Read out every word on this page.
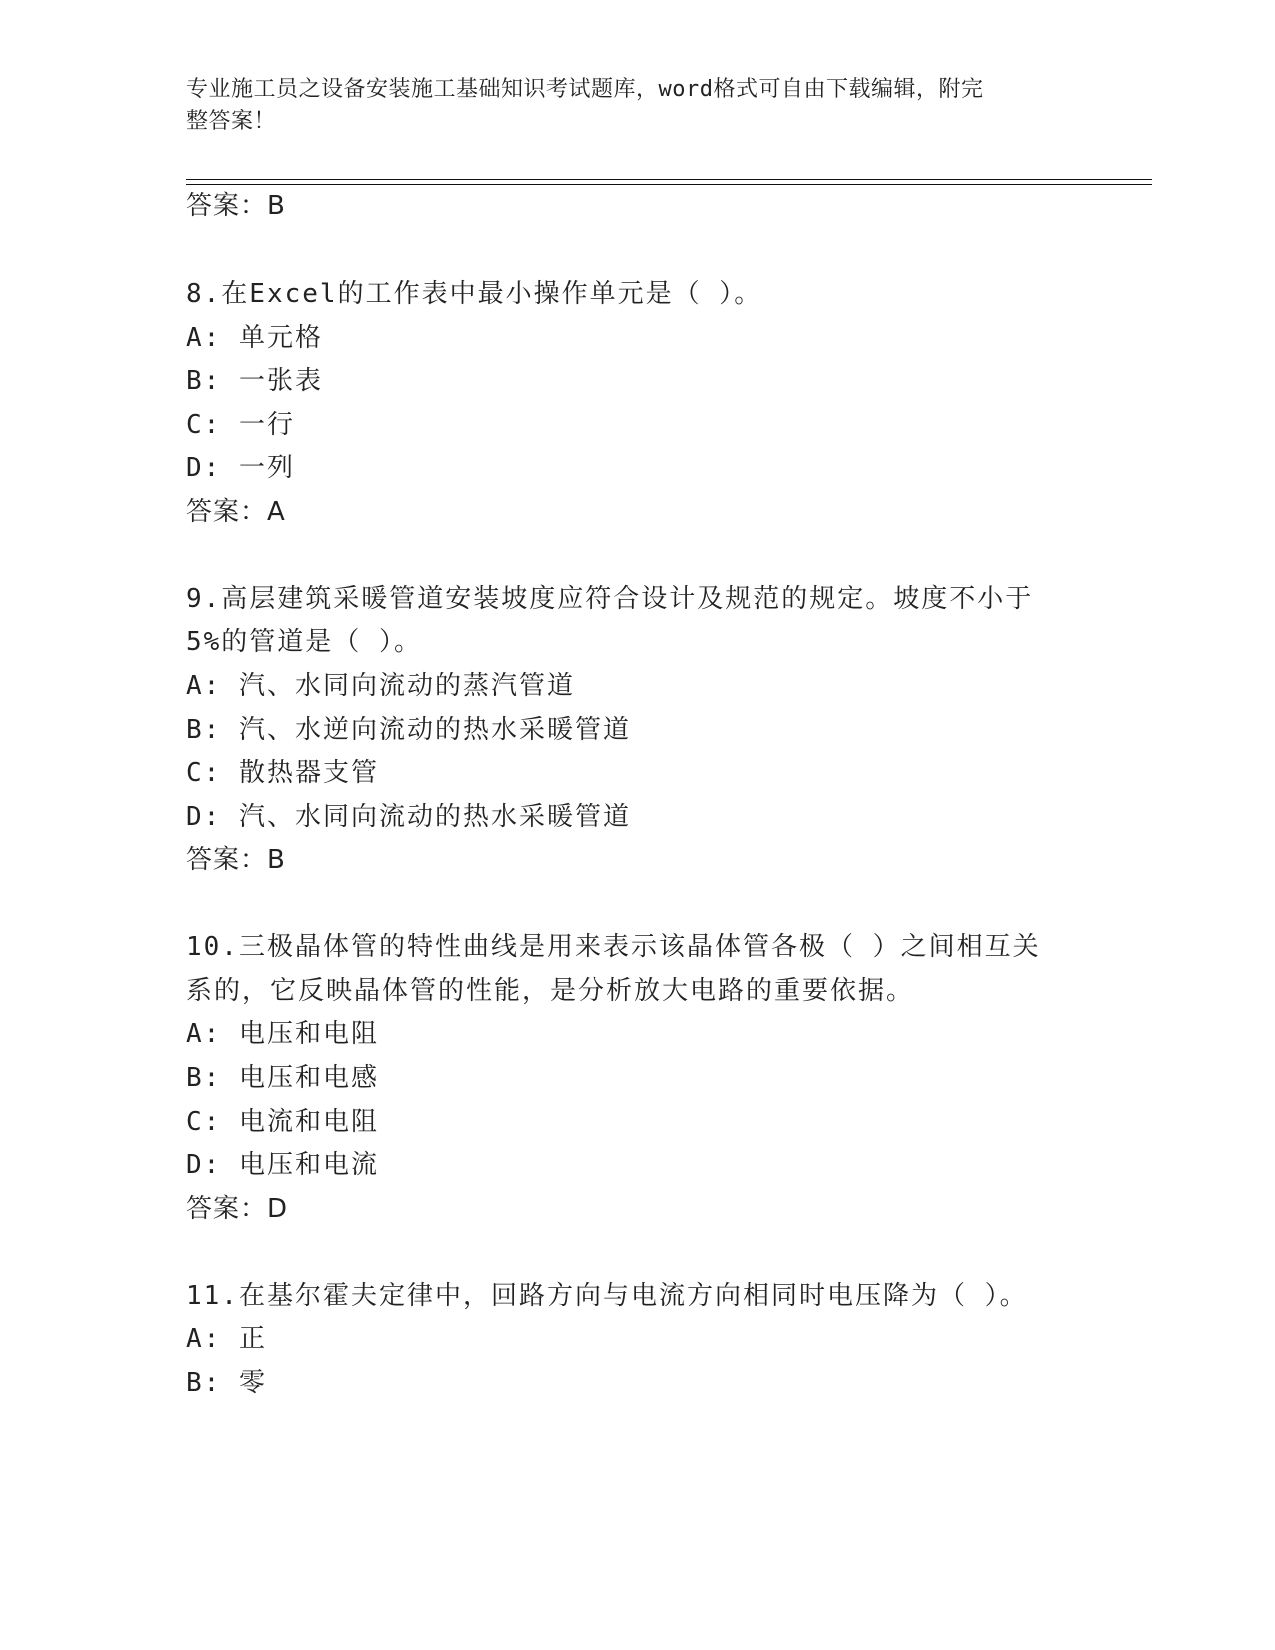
专业施工员之设备安装施工基础知识考试题库，word格式可自由下载编辑，附完
整答案！
答案：B
8.在Excel的工作表中最小操作单元是（ ）。
A: 单元格
B: 一张表
C: 一行
D: 一列
答案：A
9.高层建筑采暖管道安装坡度应符合设计及规范的规定。坡度不小于
5%的管道是（ ）。
A: 汽、水同向流动的蒸汽管道
B: 汽、水逆向流动的热水采暖管道
C: 散热器支管
D: 汽、水同向流动的热水采暖管道
答案：B
10.三极晶体管的特性曲线是用来表示该晶体管各极（ ）之间相互关
系的，它反映晶体管的性能，是分析放大电路的重要依据。
A: 电压和电阻
B: 电压和电感
C: 电流和电阻
D: 电压和电流
答案：D
11.在基尔霍夫定律中，回路方向与电流方向相同时电压降为（ ）。
A: 正
B: 零
